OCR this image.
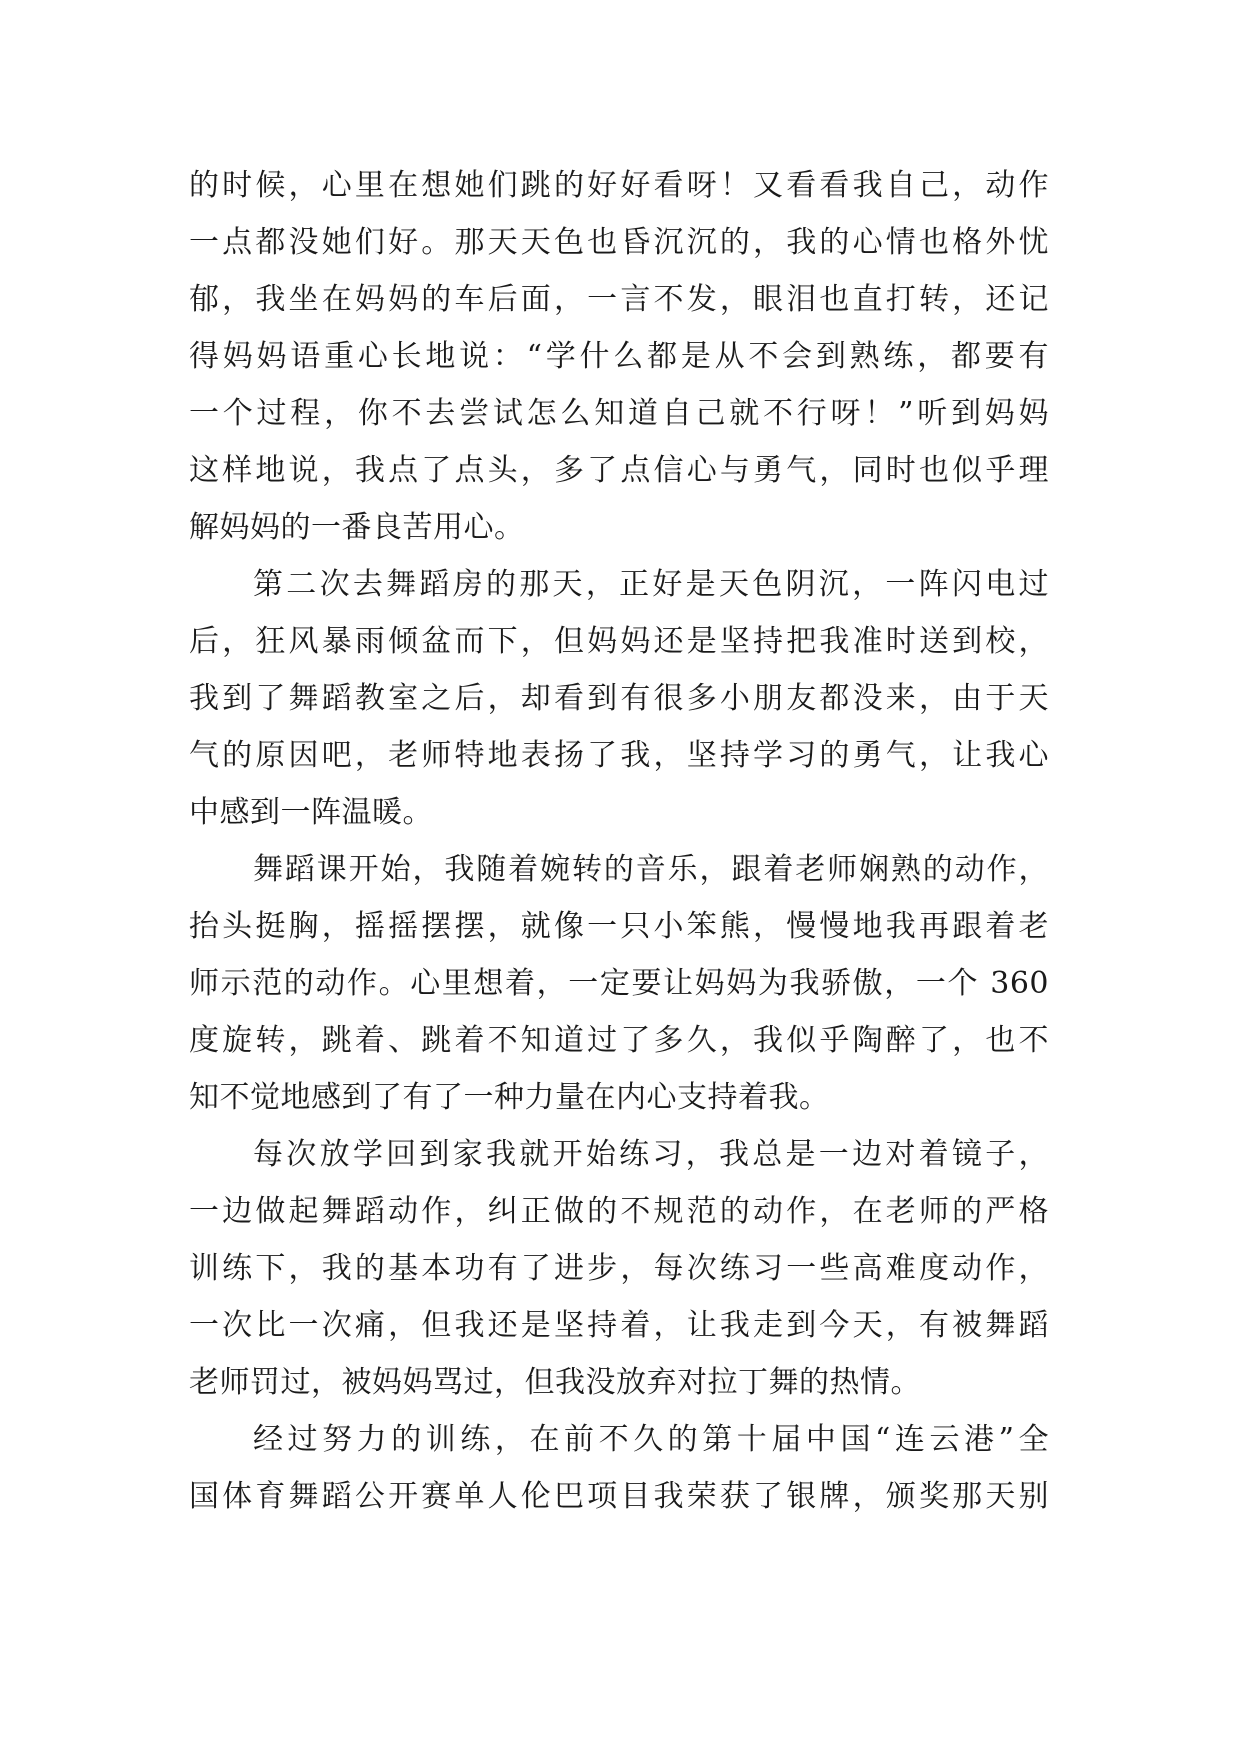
的时候，心里在想她们跳的好好看呀！又看看我自己，动作
一点都没她们好。那天天色也昏沉沉的，我的心情也格外忧
郁，我坐在妈妈的车后面，一言不发，眼泪也直打转，还记
得妈妈语重心长地说：“学什么都是从不会到熟练，都要有
一个过程，你不去尝试怎么知道自己就不行呀！”听到妈妈
这样地说，我点了点头，多了点信心与勇气，同时也似乎理
解妈妈的一番良苦用心。
第二次去舞蹈房的那天，正好是天色阴沉，一阵闪电过
后，狂风暴雨倾盆而下，但妈妈还是坚持把我准时送到校，
我到了舞蹈教室之后，却看到有很多小朋友都没来，由于天
气的原因吧，老师特地表扬了我，坚持学习的勇气，让我心
中感到一阵温暖。
舞蹈课开始，我随着婉转的音乐，跟着老师娴熟的动作，
抬头挺胸，摇摇摆摆，就像一只小笨熊，慢慢地我再跟着老
师示范的动作。心里想着，一定要让妈妈为我骄傲，一个 360
度旋转，跳着、跳着不知道过了多久，我似乎陶醉了，也不
知不觉地感到了有了一种力量在内心支持着我。
每次放学回到家我就开始练习，我总是一边对着镜子，
一边做起舞蹈动作，纠正做的不规范的动作，在老师的严格
训练下，我的基本功有了进步，每次练习一些高难度动作，
一次比一次痛，但我还是坚持着，让我走到今天，有被舞蹈
老师罚过，被妈妈骂过，但我没放弃对拉丁舞的热情。
经过努力的训练，在前不久的第十届中国“连云港”全
国体育舞蹈公开赛单人伦巴项目我荣获了银牌，颁奖那天别
